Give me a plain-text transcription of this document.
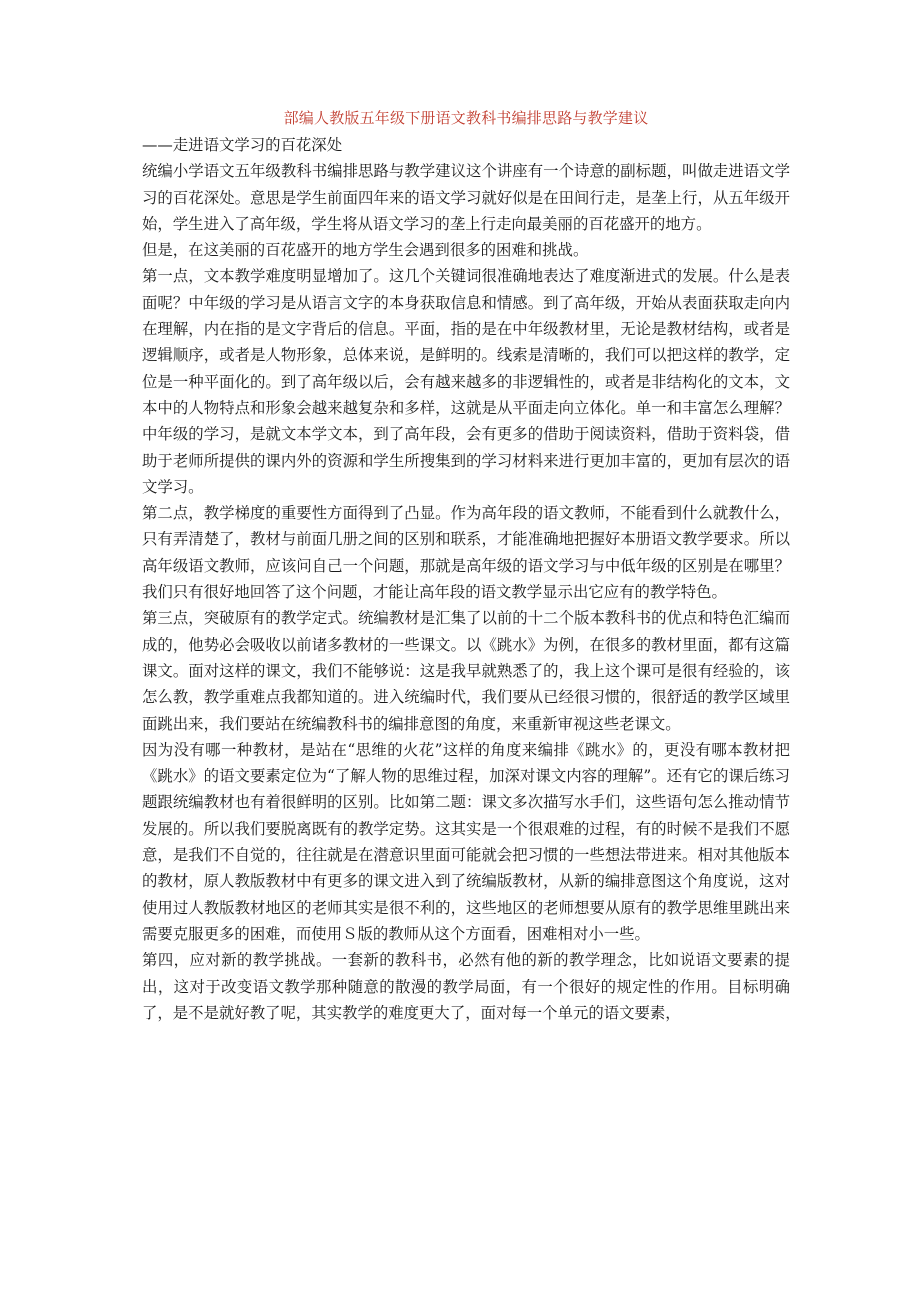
部编人教版五年级下册语文教科书编排思路与教学建议

——走进语文学习的百花深处

统编小学语文五年级教科书编排思路与教学建议这个讲座有一个诗意的副标题，叫做走进语文学习的百花深处。意思是学生前面四年来的语文学习就好似是在田间行走，是垄上行，从五年级开始，学生进入了高年级，学生将从语文学习的垄上行走向最美丽的百花盛开的地方。

但是，在这美丽的百花盛开的地方学生会遇到很多的困难和挑战。

第一点，文本教学难度明显增加了。这几个关键词很准确地表达了难度渐进式的发展。什么是表面呢？中年级的学习是从语言文字的本身获取信息和情感。到了高年级，开始从表面获取走向内在理解，内在指的是文字背后的信息。平面，指的是在中年级教材里，无论是教材结构，或者是逻辑顺序，或者是人物形象，总体来说，是鲜明的。线索是清晰的，我们可以把这样的教学，定位是一种平面化的。到了高年级以后，会有越来越多的非逻辑性的，或者是非结构化的文本，文本中的人物特点和形象会越来越复杂和多样，这就是从平面走向立体化。单一和丰富怎么理解？中年级的学习，是就文本学文本，到了高年段，会有更多的借助于阅读资料，借助于资料袋，借助于老师所提供的课内外的资源和学生所搜集到的学习材料来进行更加丰富的，更加有层次的语文学习。

第二点，教学梯度的重要性方面得到了凸显。作为高年段的语文教师，不能看到什么就教什么，只有弄清楚了，教材与前面几册之间的区别和联系，才能准确地把握好本册语文教学要求。所以高年级语文教师，应该问自己一个问题，那就是高年级的语文学习与中低年级的区别是在哪里？我们只有很好地回答了这个问题，才能让高年段的语文教学显示出它应有的教学特色。

第三点，突破原有的教学定式。统编教材是汇集了以前的十二个版本教科书的优点和特色汇编而成的，他势必会吸收以前诸多教材的一些课文。以《跳水》为例，在很多的教材里面，都有这篇课文。面对这样的课文，我们不能够说：这是我早就熟悉了的，我上这个课可是很有经验的，该怎么教，教学重难点我都知道的。进入统编时代，我们要从已经很习惯的，很舒适的教学区域里面跳出来，我们要站在统编教科书的编排意图的角度，来重新审视这些老课文。

因为没有哪一种教材，是站在“思维的火花”这样的角度来编排《跳水》的，更没有哪本教材把《跳水》的语文要素定位为“了解人物的思维过程，加深对课文内容的理解”。还有它的课后练习题跟统编教材也有着很鲜明的区别。比如第二题：课文多次描写水手们，这些语句怎么推动情节发展的。所以我们要脱离既有的教学定势。这其实是一个很艰难的过程，有的时候不是我们不愿意，是我们不自觉的，往往就是在潜意识里面可能就会把习惯的一些想法带进来。相对其他版本的教材，原人教版教材中有更多的课文进入到了统编版教材，从新的编排意图这个角度说，这对使用过人教版教材地区的老师其实是很不利的，这些地区的老师想要从原有的教学思维里跳出来需要克服更多的困难，而使用Ｓ版的教师从这个方面看，困难相对小一些。

第四，应对新的教学挑战。一套新的教科书，必然有他的新的教学理念，比如说语文要素的提出，这对于改变语文教学那种随意的散漫的教学局面，有一个很好的规定性的作用。目标明确了，是不是就好教了呢，其实教学的难度更大了，面对每一个单元的语文要素，
